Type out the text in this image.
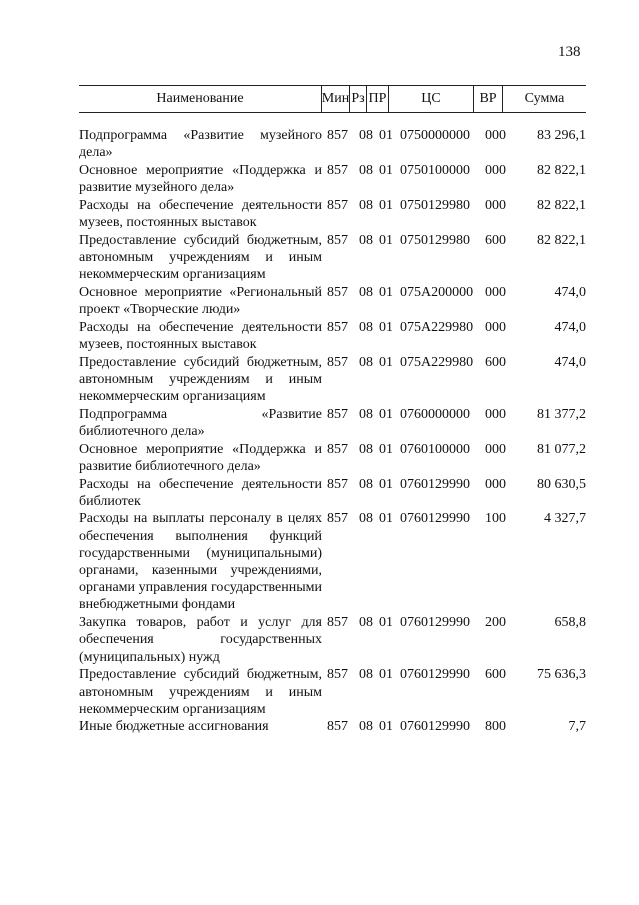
138
Наименование	Мин Рз ПР	ЦС	ВР	Сумма
Подпрограмма «Развитие музейного дела»
857 08 01 0750000000	000	83 296,1
Основное мероприятие «Поддержка и развитие музейного дела»
857 08 01 0750100000	000	82 822,1
Расходы на обеспечение деятельности музеев, постоянных выставок
857 08 01 0750129980	000	82 822,1
Предоставление субсидий бюджетным, автономным учреждениям и иным некоммерческим организациям
857 08 01 0750129980	600	82 822,1
Основное мероприятие «Региональный проект «Творческие люди»
857 08 01 075A200000 000	474,0
Расходы на обеспечение деятельности музеев, постоянных выставок
857 08 01 075A229980 000	474,0
Предоставление субсидий бюджетным, автономным учреждениям и иным некоммерческим организациям
857 08 01 075A229980 600	474,0
Подпрограмма «Развитие библиотечного дела»
857 08 01 0760000000	000	81 377,2
Основное мероприятие «Поддержка и развитие библиотечного дела»
857 08 01 0760100000	000	81 077,2
Расходы на обеспечение деятельности библиотек
857 08 01 0760129990	000	80 630,5
Расходы на выплаты персоналу в целях обеспечения выполнения функций государственными (муниципальными) органами, казенными учреждениями, органами управления государственными внебюджетными фондами
857 08 01 0760129990	100	4 327,7
Закупка товаров, работ и услуг для обеспечения государственных (муниципальных) нужд
857 08 01 0760129990	200	658,8
Предоставление субсидий бюджетным, автономным учреждениям и иным некоммерческим организациям
857 08 01 0760129990	600	75 636,3
Иные бюджетные ассигнования	857 08 01 0760129990	800	7,7
